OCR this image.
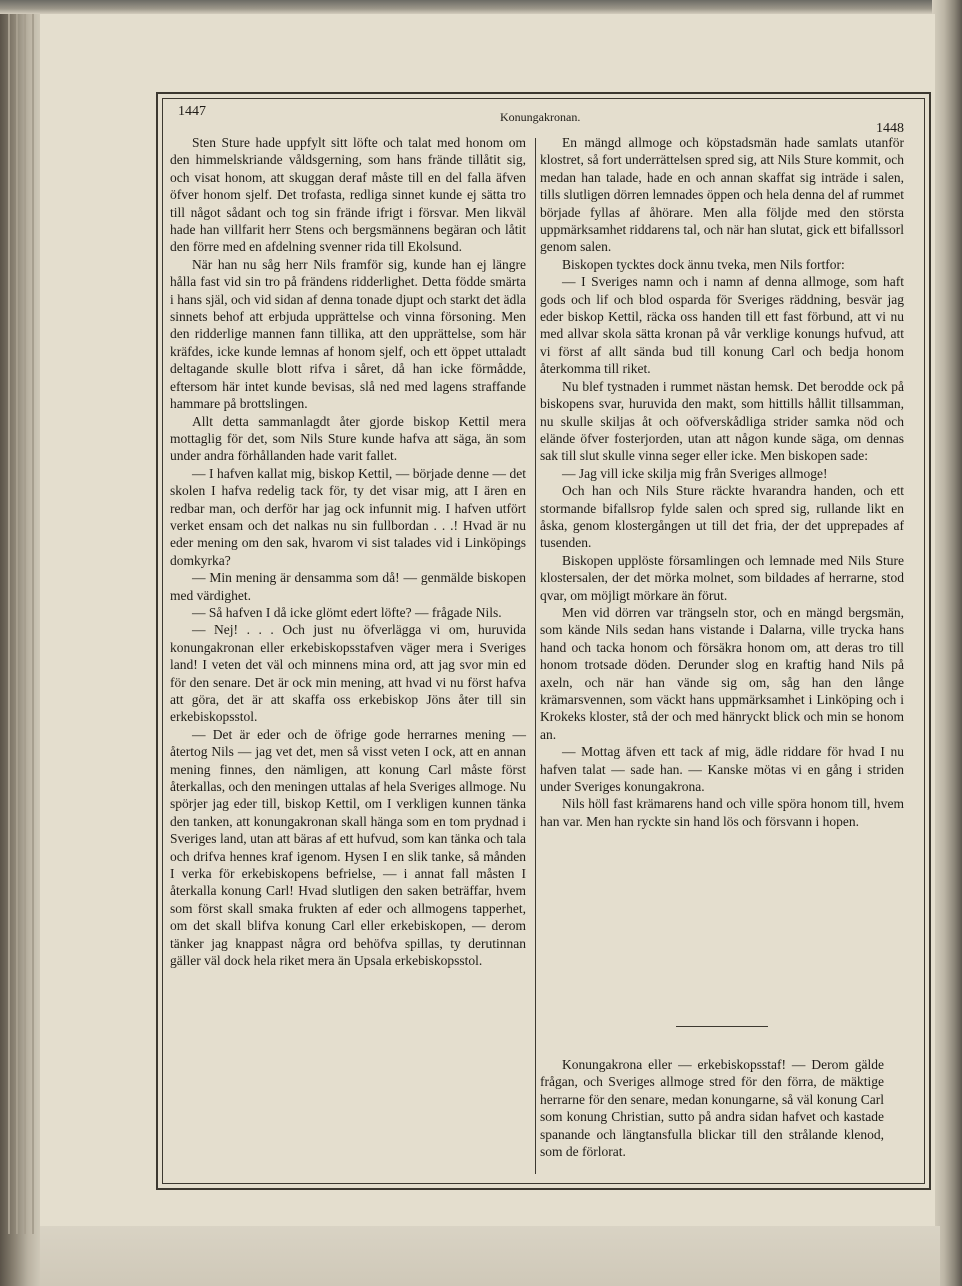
1447	Konungakronan.
1448

Sten Sture hade uppfylt sitt löfte och talat med honom om den himmelskriande våldsgerning, som hans frände tillåtit sig, och visat honom, att skuggan deraf måste till en del falla äfven öfver honom sjelf. Det trofasta, redliga sinnet kunde ej sätta tro till något sådant och tog sin frände ifrigt i försvar. Men likväl hade han villfarit herr Stens och bergsmännens begäran och låtit den förre med en afdelning svenner rida till Ekolsund.

När han nu såg herr Nils framför sig, kunde han ej längre hålla fast vid sin tro på frändens ridderlighet. Detta födde smärta i hans själ, och vid sidan af denna tonade djupt och starkt det ädla sinnets behof att erbjuda upprättelse och vinna försoning. Men den ridderlige mannen fann tillika, att den upprättelse, som här kräfdes, icke kunde lemnas af honom sjelf, och ett öppet uttaladt deltagande skulle blott rifva i såret, då han icke förmådde, eftersom här intet kunde bevisas, slå ned med lagens straffande hammare på brottslingen.

Allt detta sammanlagdt åter gjorde biskop Kettil mera mottaglig för det, som Nils Sture kunde hafva att säga, än som under andra förhållanden hade varit fallet.

— I hafven kallat mig, biskop Kettil, — började denne — det skolen I hafva redelig tack för, ty det visar mig, att I ären en redbar man, och derför har jag ock infunnit mig. I hafven utfört verket ensam och det nalkas nu sin fullbordan . . .! Hvad är nu eder mening om den sak, hvarom vi sist talades vid i Linköpings domkyrka?

— Min mening är densamma som då! — genmälde biskopen med värdighet.

— Så hafven I då icke glömt edert löfte? — frågade Nils.

— Nej! . . . Och just nu öfverlägga vi om, huruvida konungakronan eller erkebiskopsstafven väger mera i Sveriges land! I veten det väl och minnens mina ord, att jag svor min ed för den senare. Det är ock min mening, att hvad vi nu först hafva att göra, det är att skaffa oss erkebiskop Jöns åter till sin erkebiskopsstol.

— Det är eder och de öfrige gode herrarnes mening — återtog Nils — jag vet det, men så visst veten I ock, att en annan mening finnes, den nämligen, att konung Carl måste först återkallas, och den meningen uttalas af hela Sveriges allmoge. Nu spörjer jag eder till, biskop Kettil, om I verkligen kunnen tänka den tanken, att konungakronan skall hänga som en tom prydnad i Sveriges land, utan att bäras af ett hufvud, som kan tänka och tala och drifva hennes kraf igenom. Hysen I en slik tanke, så månden I verka för erkebiskopens befrielse, — i annat fall måsten I återkalla konung Carl! Hvad slutligen den saken beträffar, hvem som först skall smaka frukten af eder och allmogens tapperhet, om det skall blifva konung Carl eller erkebiskopen, — derom tänker jag knappast några ord behöfva spillas, ty derutinnan gäller väl dock hela riket mera än Upsala erkebiskopsstol.

En mängd allmoge och köpstadsmän hade samlats utanför klostret, så fort underrättelsen spred sig, att Nils Sture kommit, och medan han talade, hade en och annan skaffat sig inträde i salen, tills slutligen dörren lemnades öppen och hela denna del af rummet började fyllas af åhörare. Men alla följde med den största uppmärksamhet riddarens tal, och när han slutat, gick ett bifallssorl genom salen.

Biskopen tycktes dock ännu tveka, men Nils fortfor:

— I Sveriges namn och i namn af denna allmoge, som haft gods och lif och blod osparda för Sveriges räddning, besvär jag eder biskop Kettil, räcka oss handen till ett fast förbund, att vi nu med allvar skola sätta kronan på vår verklige konungs hufvud, att vi först af allt sända bud till konung Carl och bedja honom återkomma till riket.

Nu blef tystnaden i rummet nästan hemsk. Det berodde ock på biskopens svar, huruvida den makt, som hittills hållit tillsamman, nu skulle skiljas åt och oöfverskådliga strider samka nöd och elände öfver fosterjorden, utan att någon kunde säga, om dennas sak till slut skulle vinna seger eller icke. Men biskopen sade:

— Jag vill icke skilja mig från Sveriges allmoge!

Och han och Nils Sture räckte hvarandra handen, och ett stormande bifallsrop fylde salen och spred sig, rullande likt en åska, genom klostergången ut till det fria, der det upprepades af tusenden.

Biskopen upplöste församlingen och lemnade med Nils Sture klostersalen, der det mörka molnet, som bildades af herrarne, stod qvar, om möjligt mörkare än förut.

Men vid dörren var trängseln stor, och en mängd bergsmän, som kände Nils sedan hans vistande i Dalarna, ville trycka hans hand och tacka honom och försäkra honom om, att deras tro till honom trotsade döden. Derunder slog en kraftig hand Nils på axeln, och när han vände sig om, såg han den långe krämarsvennen, som väckt hans uppmärksamhet i Linköping och i Krokeks kloster, stå der och med hänryckt blick och min se honom an.

— Mottag äfven ett tack af mig, ädle riddare för hvad I nu hafven talat — sade han. — Kanske mötas vi en gång i striden under Sveriges konungakrona.

Nils höll fast krämarens hand och ville spöra honom till, hvem han var. Men han ryckte sin hand lös och försvann i hopen.

Konungakrona eller — erkebiskopsstaf! — Derom gälde frågan, och Sveriges allmoge stred för den förra, de mäktige herrarne för den senare, medan konungarne, så väl konung Carl som konung Christian, sutto på andra sidan hafvet och kastade spanande och längtansfulla blickar till den strålande klenod, som de förlorat.
